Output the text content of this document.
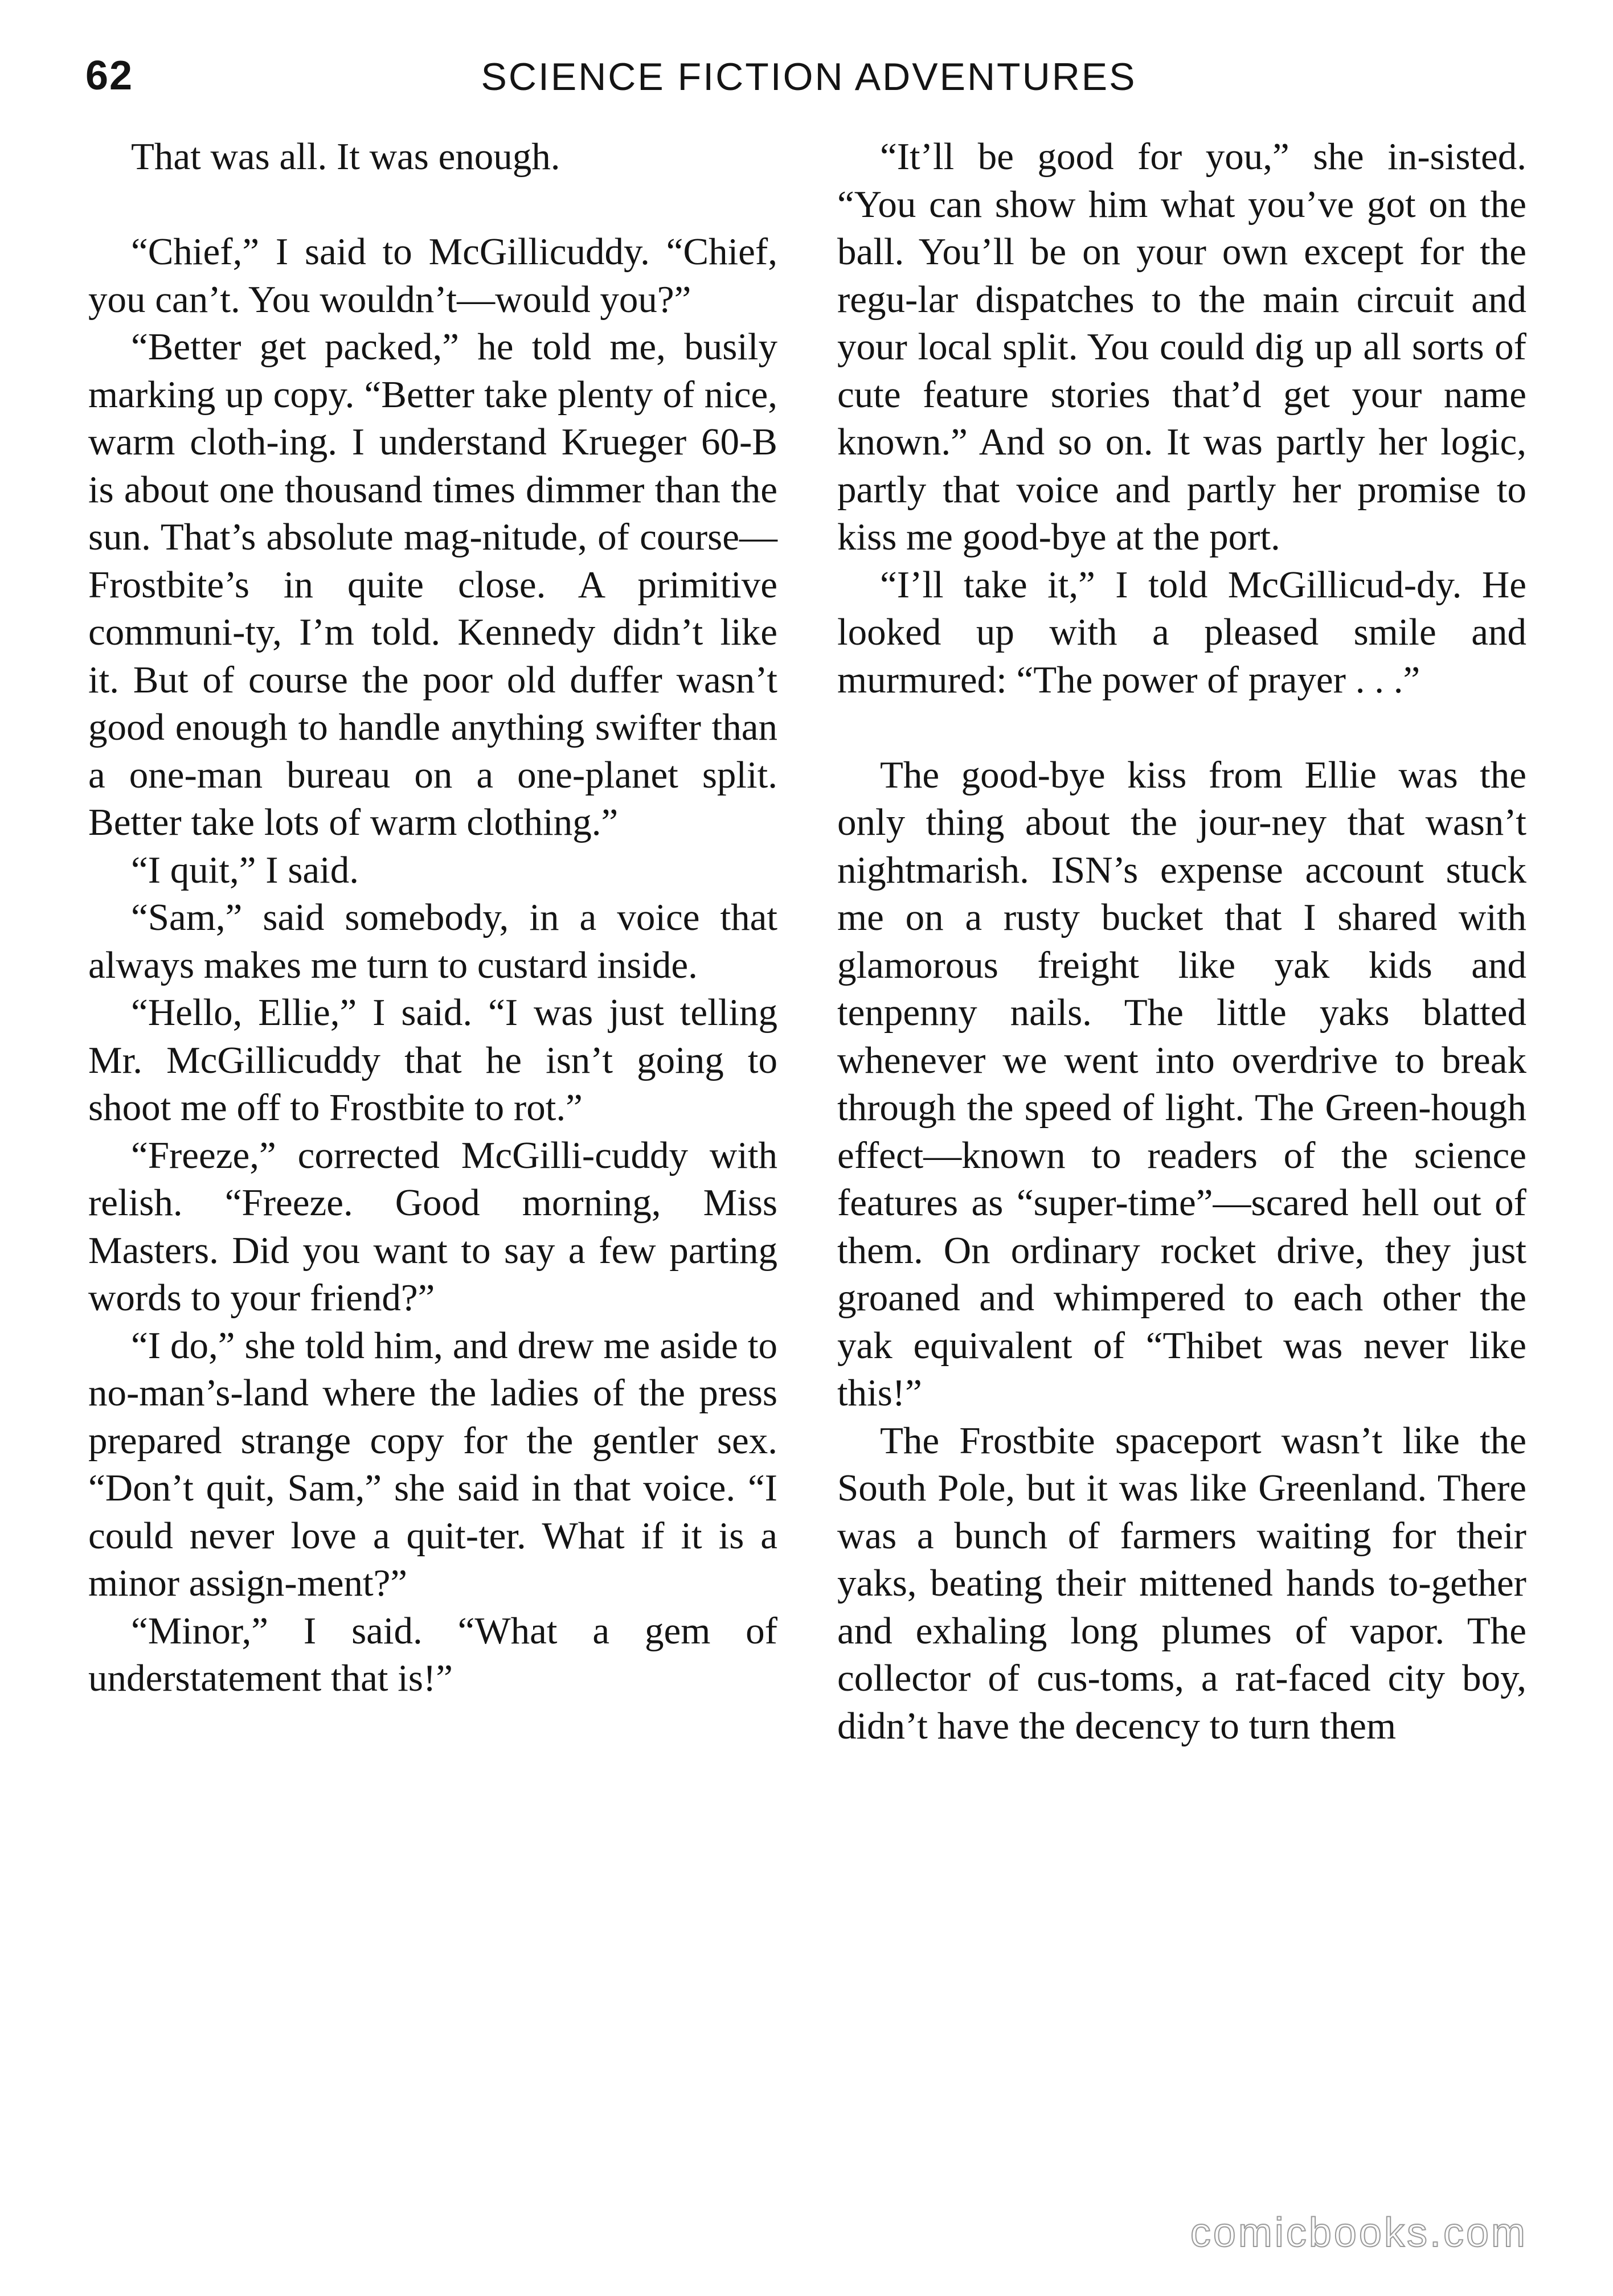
62	SCIENCE FICTION ADVENTURES

That was all. It was enough.

“Chief,” I said to McGillicuddy. “Chief, you can’t. You wouldn’t—would you?”

“Better get packed,” he told me, busily marking up copy. “Better take plenty of nice, warm cloth-ing. I understand Krueger 60-B is about one thousand times dimmer than the sun. That’s absolute mag-nitude, of course—Frostbite’s in quite close. A primitive communi-ty, I’m told. Kennedy didn’t like it. But of course the poor old duffer wasn’t good enough to handle anything swifter than a one-man bureau on a one-planet split. Better take lots of warm clothing.”

“I quit,” I said.

“Sam,” said somebody, in a voice that always makes me turn to custard inside.

“Hello, Ellie,” I said. “I was just telling Mr. McGillicuddy that he isn’t going to shoot me off to Frostbite to rot.”

“Freeze,” corrected McGilli-cuddy with relish. “Freeze. Good morning, Miss Masters. Did you want to say a few parting words to your friend?”

“I do,” she told him, and drew me aside to no-man’s-land where the ladies of the press prepared strange copy for the gentler sex. “Don’t quit, Sam,” she said in that voice. “I could never love a quit-ter. What if it is a minor assign-ment?”

“Minor,” I said. “What a gem of understatement that is!”

“It’ll be good for you,” she in-sisted. “You can show him what you’ve got on the ball. You’ll be on your own except for the regu-lar dispatches to the main circuit and your local split. You could dig up all sorts of cute feature stories that’d get your name known.” And so on. It was partly her logic, partly that voice and partly her promise to kiss me good-bye at the port.

“I’ll take it,” I told McGillicud-dy. He looked up with a pleased smile and murmured: “The power of prayer . . .”

The good-bye kiss from Ellie was the only thing about the jour-ney that wasn’t nightmarish. ISN’s expense account stuck me on a rusty bucket that I shared with glamorous freight like yak kids and tenpenny nails. The little yaks blatted whenever we went into overdrive to break through the speed of light. The Green-hough effect—known to readers of the science features as “super-time”—scared hell out of them. On ordinary rocket drive, they just groaned and whimpered to each other the yak equivalent of “Thibet was never like this!”

The Frostbite spaceport wasn’t like the South Pole, but it was like Greenland. There was a bunch of farmers waiting for their yaks, beating their mittened hands to-gether and exhaling long plumes of vapor. The collector of cus-toms, a rat-faced city boy, didn’t have the decency to turn them

comicbooks.com
